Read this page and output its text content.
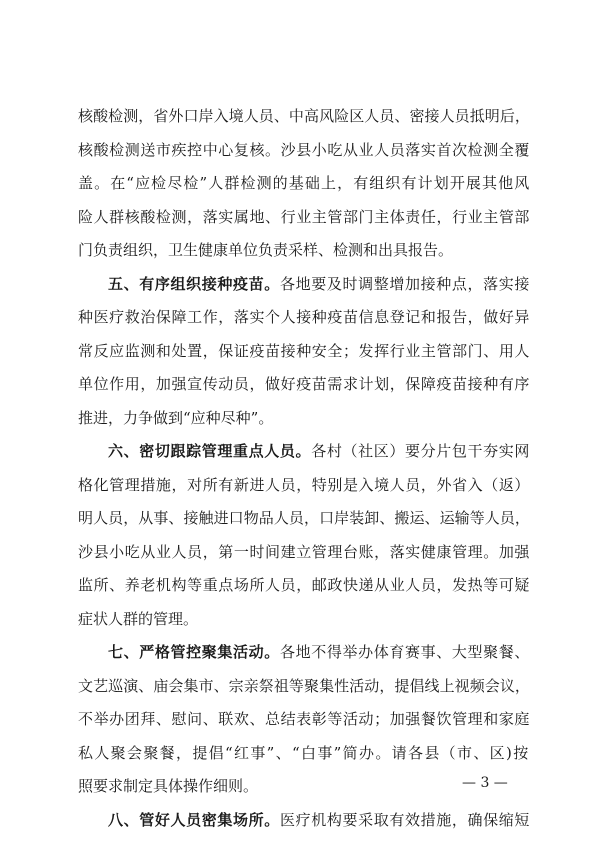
核酸检测，省外口岸入境人员、中高风险区人员、密接人员抵明后，
核酸检测送市疾控中心复核。沙县小吃从业人员落实首次检测全覆
盖。在“应检尽检”人群检测的基础上，有组织有计划开展其他风
险人群核酸检测，落实属地、行业主管部门主体责任，行业主管部
门负责组织，卫生健康单位负责采样、检测和出具报告。
五、有序组织接种疫苗。各地要及时调整增加接种点，落实接
种医疗救治保障工作，落实个人接种疫苗信息登记和报告，做好异
常反应监测和处置，保证疫苗接种安全；发挥行业主管部门、用人
单位作用，加强宣传动员，做好疫苗需求计划，保障疫苗接种有序
推进，力争做到“应种尽种”。
六、密切跟踪管理重点人员。各村（社区）要分片包干夯实网
格化管理措施，对所有新进人员，特别是入境人员，外省入（返）
明人员，从事、接触进口物品人员，口岸装卸、搬运、运输等人员，
沙县小吃从业人员，第一时间建立管理台账，落实健康管理。加强
监所、养老机构等重点场所人员，邮政快递从业人员，发热等可疑
症状人群的管理。
七、严格管控聚集活动。各地不得举办体育赛事、大型聚餐、
文艺巡演、庙会集市、宗亲祭祖等聚集性活动，提倡线上视频会议，
不举办团拜、慰问、联欢、总结表彰等活动；加强餐饮管理和家庭
私人聚会聚餐，提倡“红事”、“白事”简办。请各县（市、区)按
照要求制定具体操作细则。
八、管好人员密集场所。医疗机构要采取有效措施，确保缩短
— 3 —
